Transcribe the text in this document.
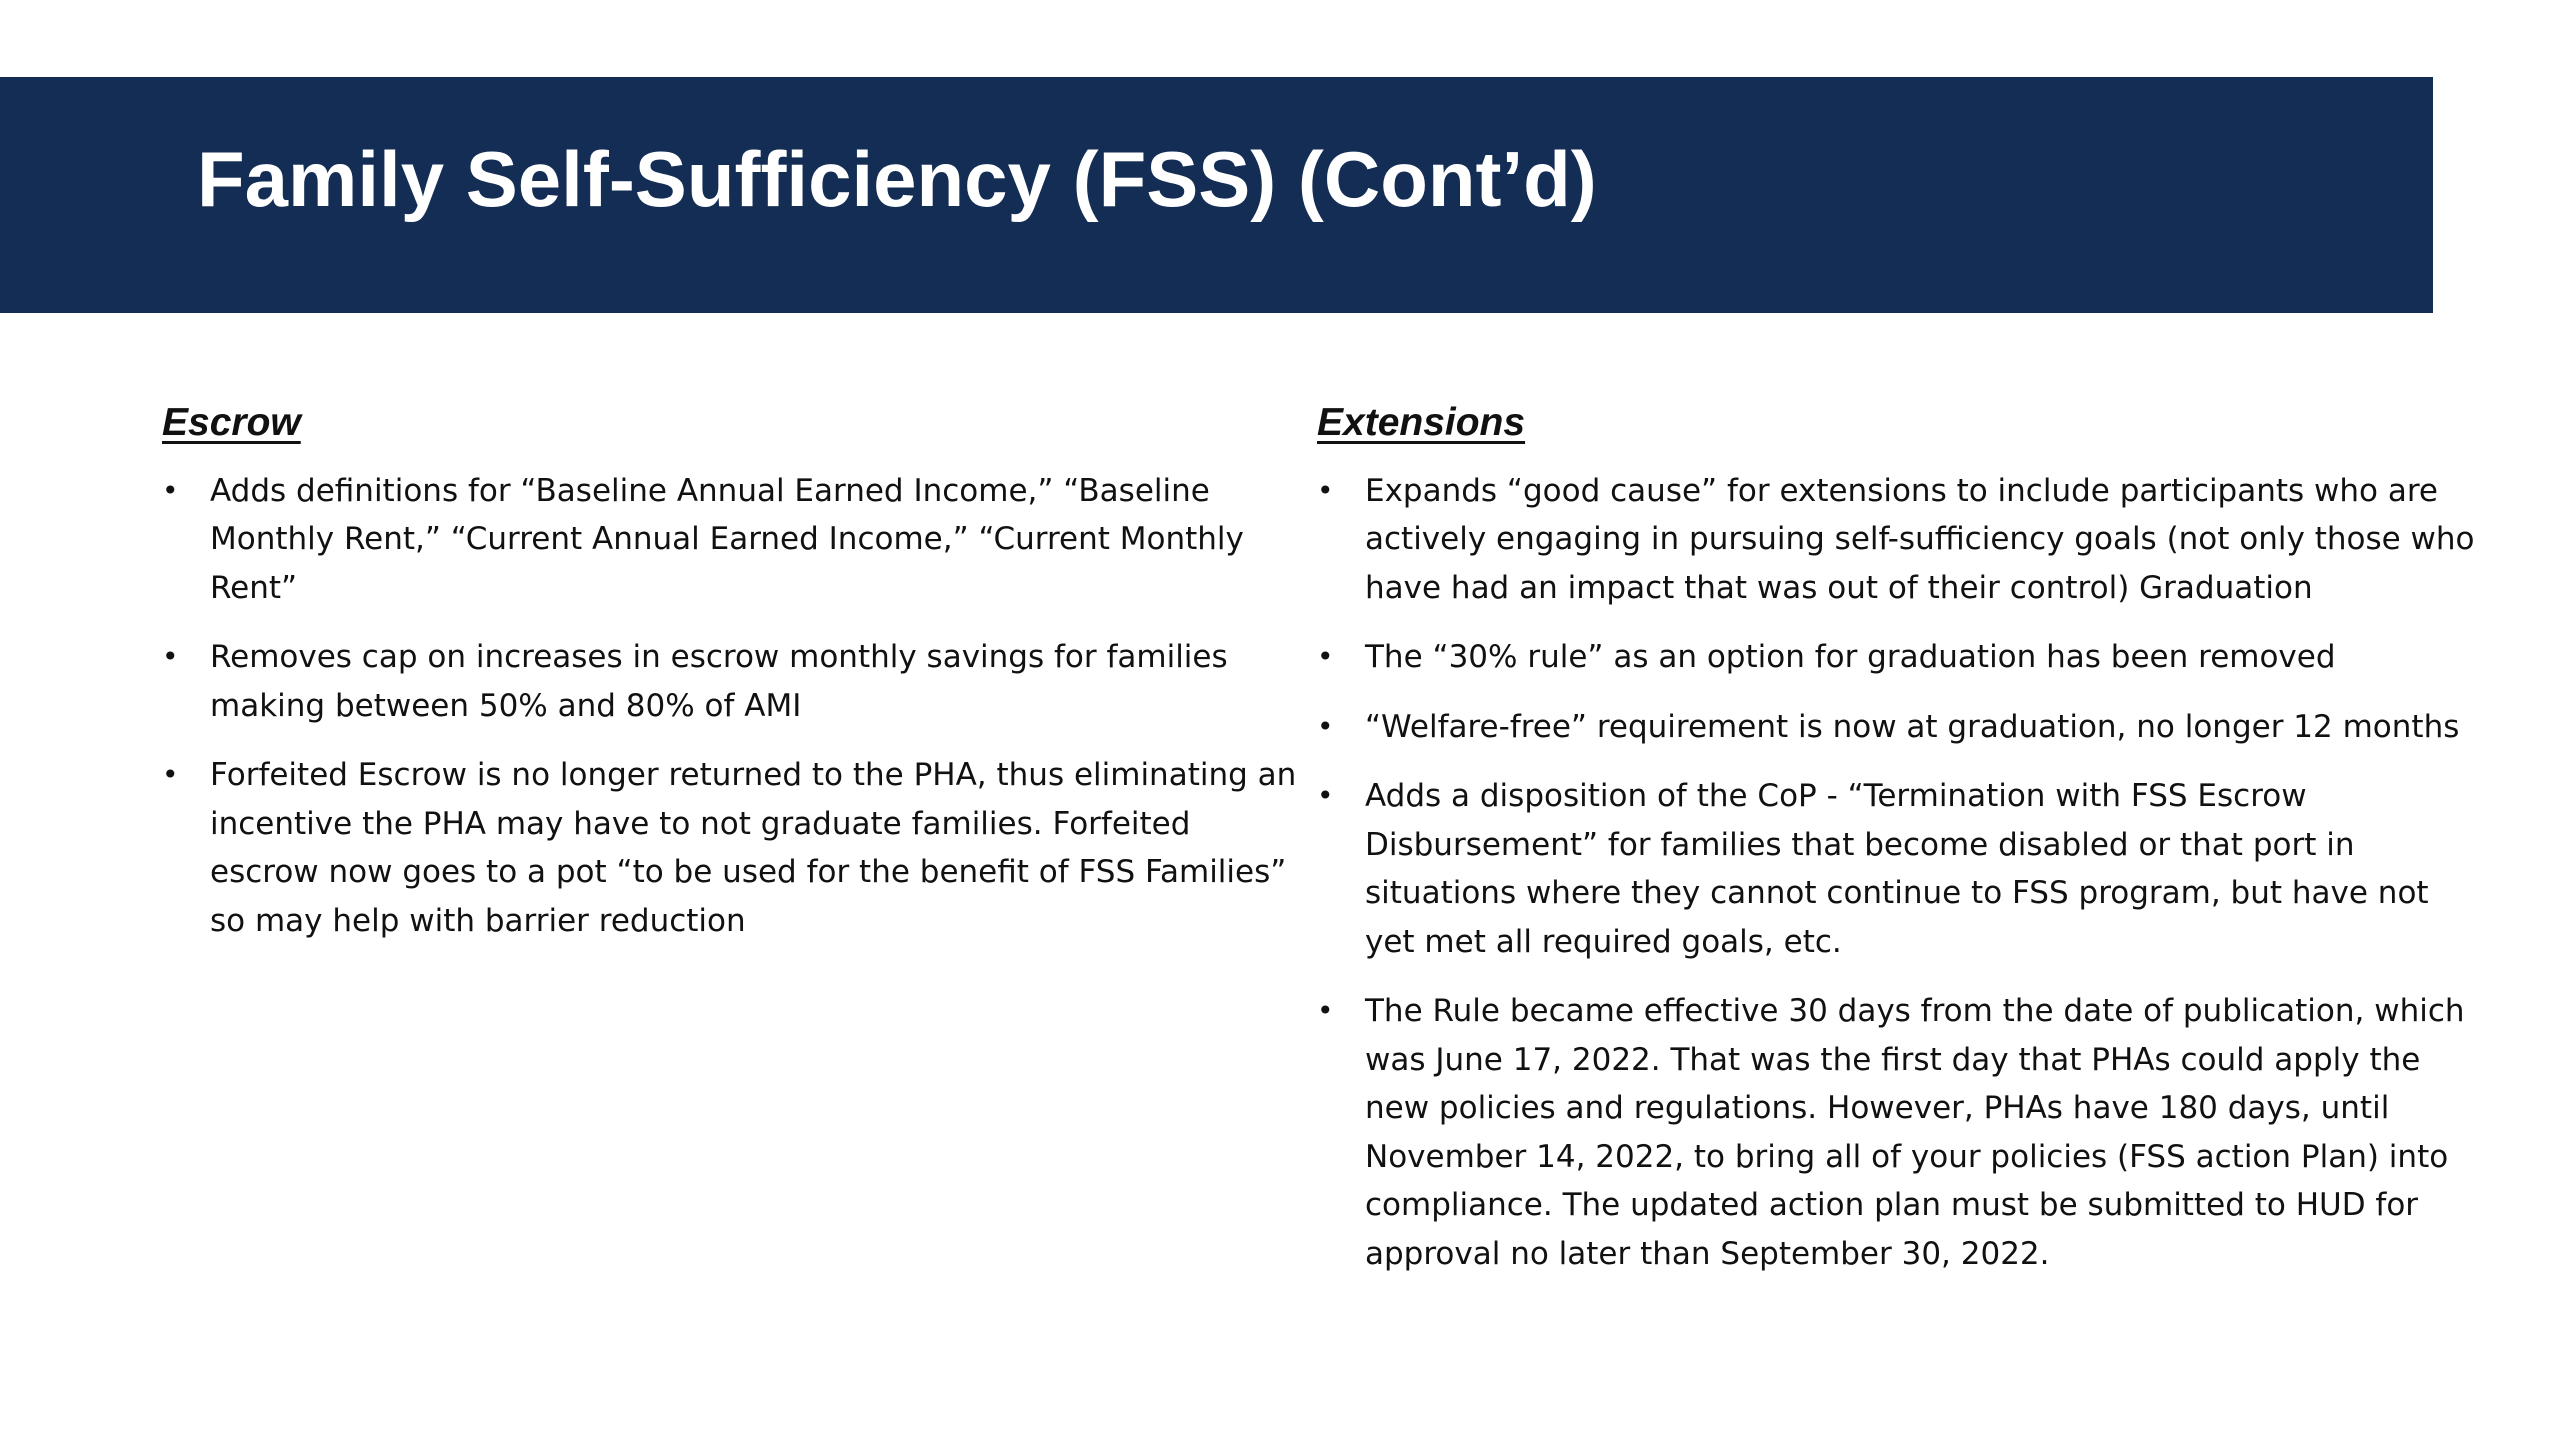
Family Self-Sufficiency (FSS) (Cont’d)
Escrow
• Adds definitions for “Baseline Annual Earned Income,” “Baseline Monthly Rent,” “Current Annual Earned Income,” “Current Monthly Rent”
• Removes cap on increases in escrow monthly savings for families making between 50% and 80% of AMI
• Forfeited Escrow is no longer returned to the PHA, thus eliminating an incentive the PHA may have to not graduate families. Forfeited escrow now goes to a pot “to be used for the benefit of FSS Families” so may help with barrier reduction
Extensions
• Expands “good cause” for extensions to include participants who are actively engaging in pursuing self-sufficiency goals (not only those who have had an impact that was out of their control) Graduation
• The “30% rule” as an option for graduation has been removed
• “Welfare-free” requirement is now at graduation, no longer 12 months
• Adds a disposition of the CoP - “Termination with FSS Escrow Disbursement” for families that become disabled or that port in situations where they cannot continue to FSS program, but have not yet met all required goals, etc.
• The Rule became effective 30 days from the date of publication, which was June 17, 2022. That was the first day that PHAs could apply the new policies and regulations. However, PHAs have 180 days, until November 14, 2022, to bring all of your policies (FSS action Plan) into compliance. The updated action plan must be submitted to HUD for approval no later than September 30, 2022.
